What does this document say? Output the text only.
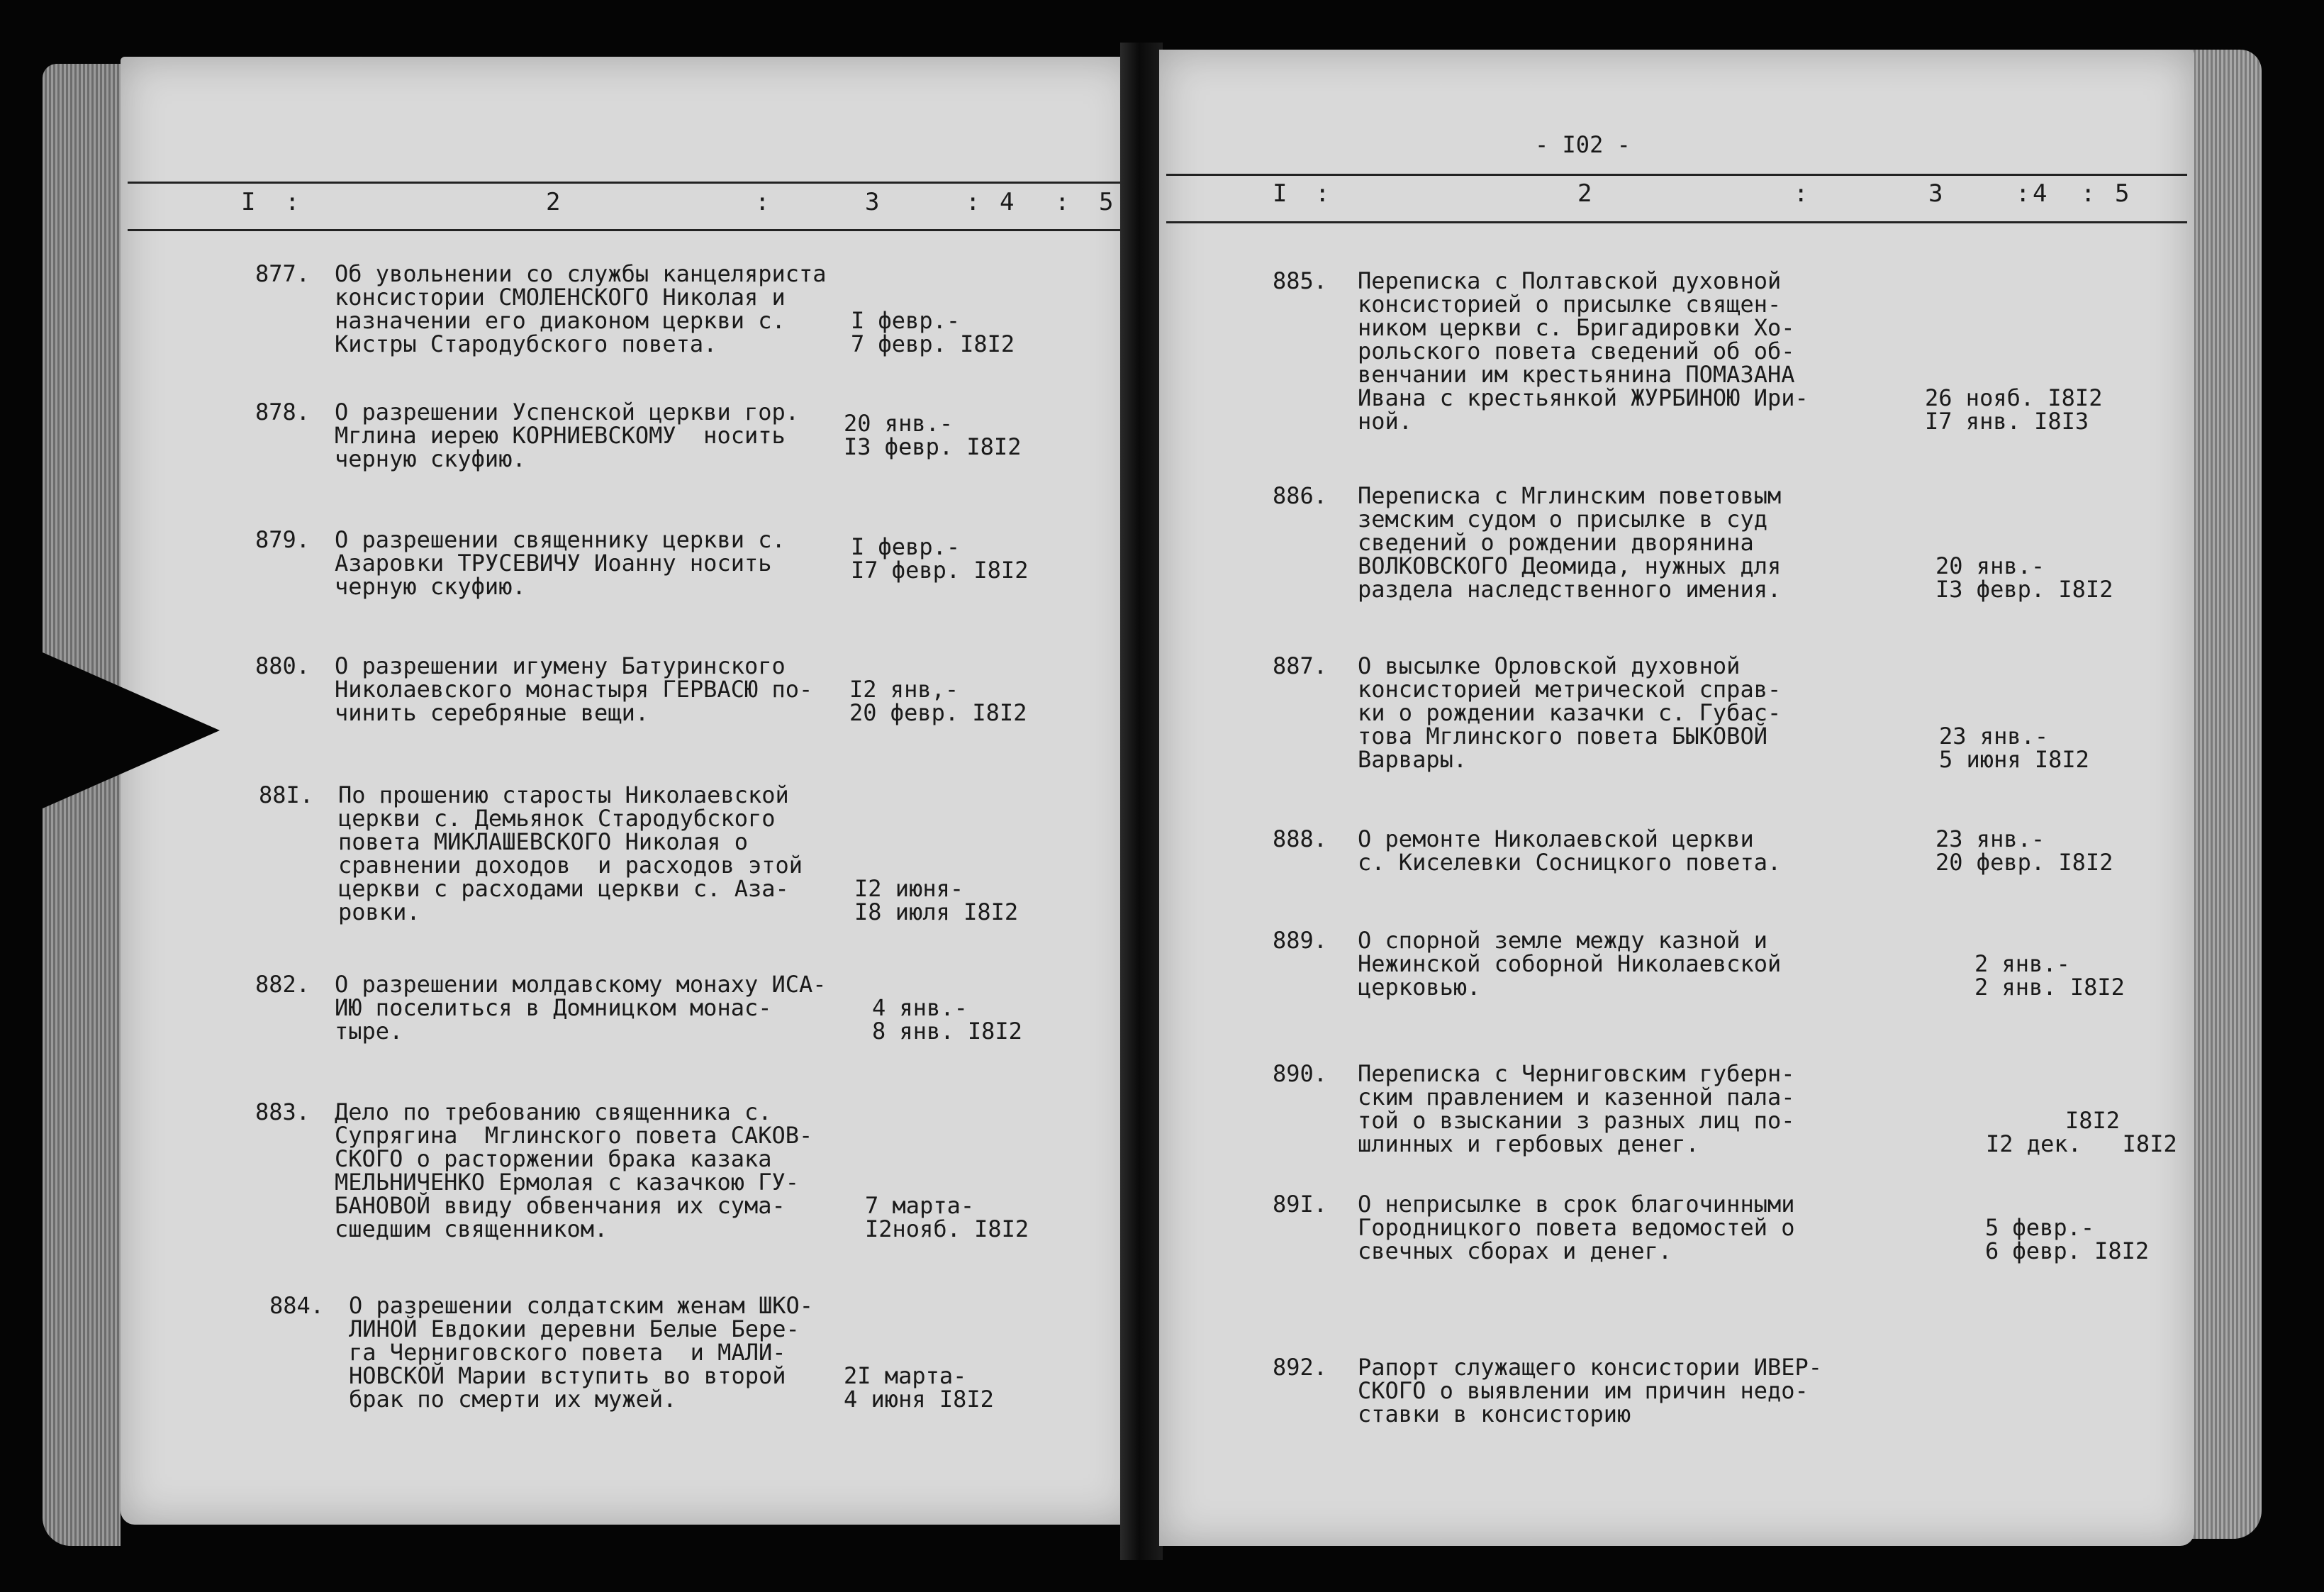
I :	2	:	3	: 4 : 5
877. Об увольнении со службы канцеляриста
консистории СМОЛЕНСКОГО Николая и
назначении его диаконом церкви с.
Кистры Стародубского повета.
I февр.-
7 февр. I8I2
878. О разрешении Успенской церкви гор.
Мглина иерею КОРНИЕВСКОМУ  носить
черную скуфию.
20 янв.-
I3 февр. I8I2
879. О разрешении священнику церкви с.
Азаровки ТРУСЕВИЧУ Иоанну носить
черную скуфию.
I февр.-
I7 февр. I8I2
880. О разрешении игумену Батуринского
Николаевского монастыря ГЕРВАСЮ по-
чинить серебряные вещи.
I2 янв,-
20 февр. I8I2
88I. По прошению старосты Николаевской
церкви с. Демьянок Стародубского
повета МИКЛАШЕВСКОГО Николая о
сравнении доходов  и расходов этой
церкви с расходами церкви с. Аза-
ровки.
I2 июня-
I8 июля I8I2
882. О разрешении молдавскому монаху ИСА-
ИЮ поселиться в Домницком монас-
тыре.
4 янв.-
8 янв. I8I2
883. Дело по требованию священника с.
Супрягина  Мглинского повета САКОВ-
СКОГО о расторжении брака казака
МЕЛЬНИЧЕНКО Ермолая с казачкою ГУ-
БАНОВОЙ ввиду обвенчания их сума-
сшедшим священником.
7 марта-
I2нояб. I8I2
884. О разрешении солдатским женам ШКО-
ЛИНОЙ Евдокии деревни Белые Бере-
га Черниговского повета  и МАЛИ-
НОВСКОЙ Марии вступить во второй
брак по смерти их мужей.
2I марта-
4 июня I8I2
- I02 -
I :	2	:	3	: 4 : 5
885. Переписка с Полтавской духовной
консисторией о присылке священ-
ником церкви с. Бригадировки Хо-
рольского повета сведений об об-
венчании им крестьянина ПОМАЗАНА
Ивана с крестьянкой ЖУРБИНОЮ Ири-
ной.
26 нояб. I8I2
I7 янв. I8I3
886. Переписка с Мглинским поветовым
земским судом о присылке в суд
сведений о рождении дворянина
ВОЛКОВСКОГО Деомида, нужных для
раздела наследственного имения.
20 янв.-
I3 февр. I8I2
887. О высылке Орловской духовной
консисторией метрической справ-
ки о рождении казачки с. Губас-
това Мглинского повета БЫКОВОЙ
Варвары.
23 янв.-
5 июня I8I2
888. О ремонте Николаевской церкви
с. Киселевки Сосницкого повета.
23 янв.-
20 февр. I8I2
889. О спорной земле между казной и
Нежинской соборной Николаевской
церковью.
2 янв.-
2 янв. I8I2
890. Переписка с Черниговским губерн-
ским правлением и казенной пала-
той о взыскании з разных лиц по-
шлинных и гербовых денег.
I8I2
I2 дек. I8I2
89I. О неприсылке в срок благочинными
Городницкого повета ведомостей о
свечных сборах и денег.
5 февр.-
6 февр. I8I2
892. Рапорт служащего консистории ИВЕР-
СКОГО о выявлении им причин недо-
ставки в консисторию
